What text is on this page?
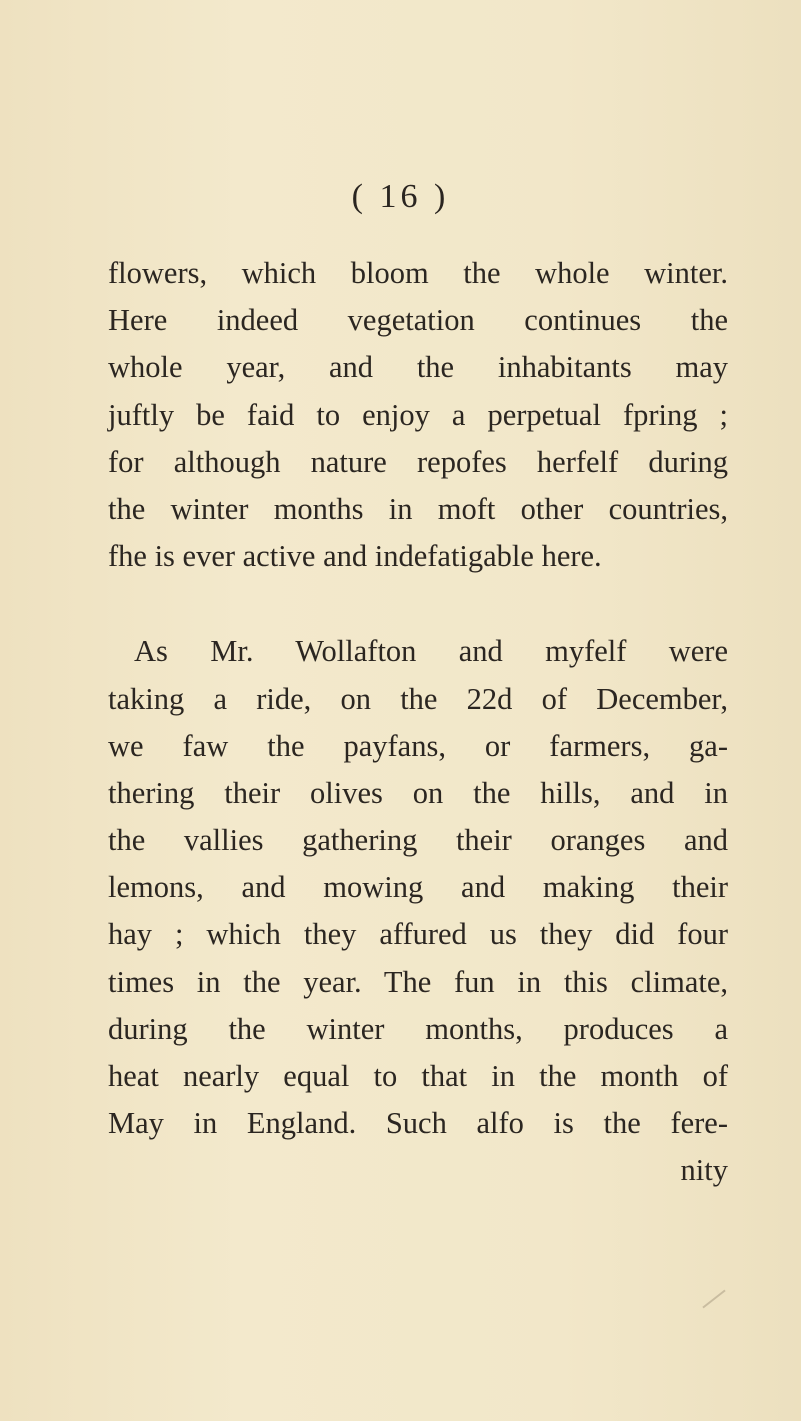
( 16 )
flowers, which bloom the whole winter.
Here indeed vegetation continues the
whole year, and the inhabitants may
juftly be faid to enjoy a perpetual fpring ;
for although nature repofes herfelf during
the winter months in moft other countries,
fhe is ever active and indefatigable here.
As Mr. Wollafton and myfelf were
taking a ride, on the 22d of December,
we faw the payfans, or farmers, ga-
thering their olives on the hills, and in
the vallies gathering their oranges and
lemons, and mowing and making their
hay ; which they affured us they did four
times in the year. The fun in this climate,
during the winter months, produces a
heat nearly equal to that in the month of
May in England. Such alfo is the fere-
nity
